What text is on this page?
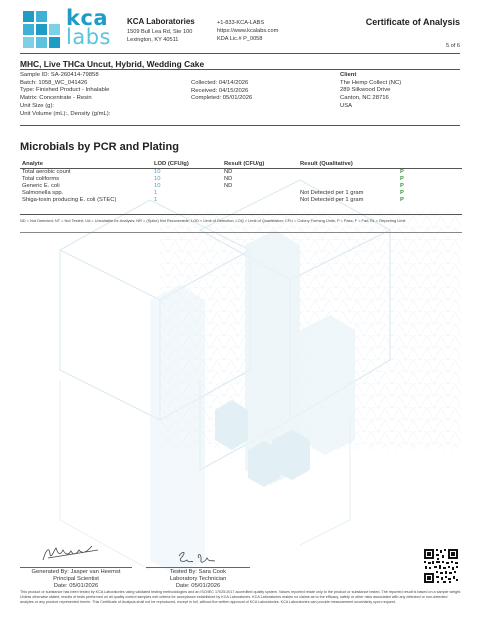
kca
labs
KCA Laboratories
1509 Bull Lea Rd, Ste 100
Lexington, KY 40511
+1-833-KCA-LABS
https://www.kcalabs.com
KDA Lic.# P_0058
Certificate of Analysis
5 of 6
MHC, Live THCa Uncut, Hybrid, Wedding Cake
Sample ID: SA-260414-79858
Batch: 1058_WC_041426
Type: Finished Product - Inhalable
Matrix: Concentrate - Resin
Unit Size (g):
Unit Volume (mL):, Density (g/mL):
Collected: 04/14/2026
Received: 04/15/2026
Completed: 05/01/2026
Client
The Hemp Collect (NC)
289 Silkwood Drive
Canton, NC 28716
USA
Microbials by PCR and Plating
Analyte	LOD (CFU/g)	Result (CFU/g)	Result (Qualitative)
Total aerobic count	10	ND	P
Total coliforms	10	ND	P
Generic E. coli	10	ND	P
Salmonella spp.	1	Not Detected per 1 gram	P
Shiga-toxin producing E. coli (STEC)	1	Not Detected per 1 gram	P
ND = Not Detected; NT = Not Tested; UA = Unsuitable for Analysis; NR = (Spike) Not Recoverable; LOD = Limit of Detection; LOQ = Limit of Quantitation; CFU = Colony Forming Units; P = Pass; F = Fail; RL = Reporting Limit
Generated By: Jasper van Heemst
Principal Scientist
Date: 05/01/2026
Tested By: Sara Cook
Laboratory Technician
Date: 05/01/2026
This product or substance has been tested by KCA Laboratories using validated testing methodologies and an ISO/IEC 17025:2017 accredited quality system. Values reported relate only to the product or substance tested. The reported result is based on a sample weight. Unless otherwise stated, results of tests performed on all quality control samples met criteria for acceptance established by KCA Laboratories. KCA Laboratories makes no claims as to the efficacy, safety or other risks associated with any detected or non-detected analytes or any product represented herein. This Certificate of Analysis shall not be reproduced, except in full, without the written approval of KCA Laboratories. KCA Laboratories can provide measurement uncertainty upon request.
